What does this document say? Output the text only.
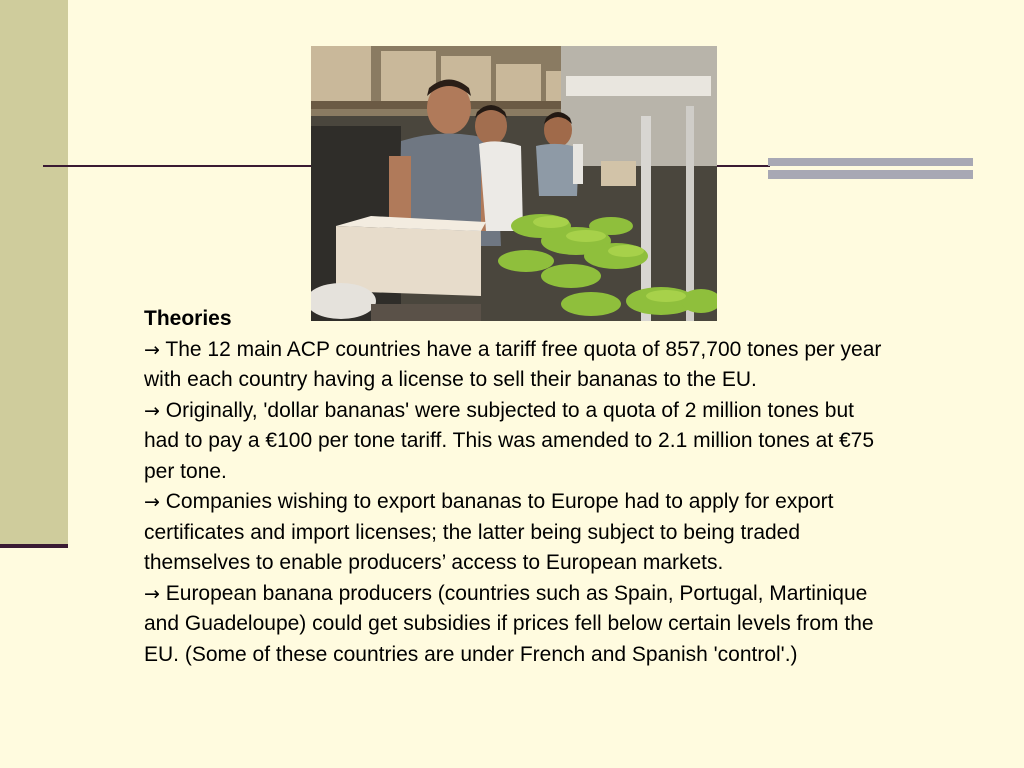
Theories

→ The 12 main ACP countries have a tariff free quota of 857,700 tones per year with each country having a license to sell their bananas to the EU.

→ Originally, 'dollar bananas' were subjected to a quota of 2 million tones but had to pay a €100 per tone tariff. This was amended to 2.1 million tones at €75 per tone.

→ Companies wishing to export bananas to Europe had to apply for export certificates and import licenses; the latter being subject to being traded themselves to enable producers’ access to European markets.

→ European banana producers (countries such as Spain, Portugal, Martinique and Guadeloupe) could get subsidies if prices fell below certain levels from the EU. (Some of these countries are under French and Spanish 'control'.)
